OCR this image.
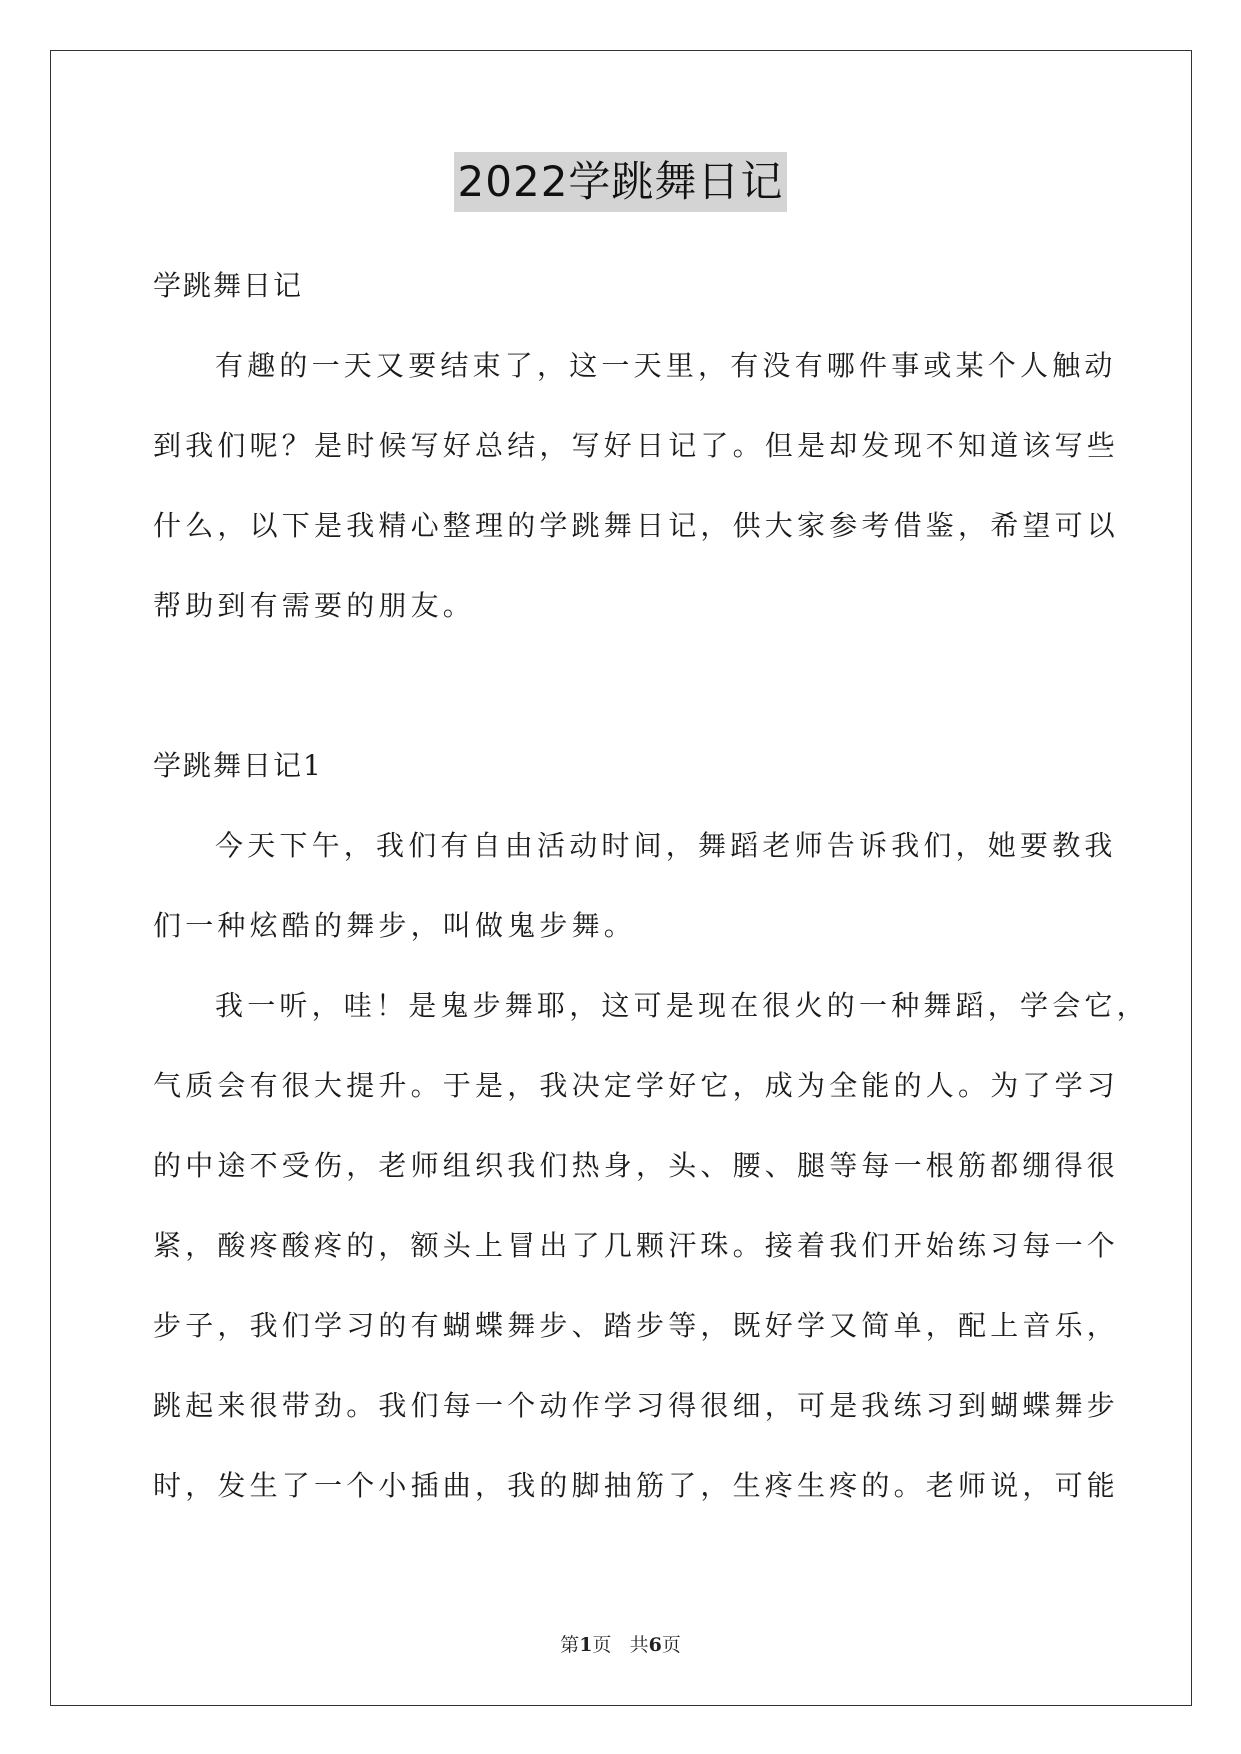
2022学跳舞日记
学跳舞日记
有趣的一天又要结束了，这一天里，有没有哪件事或某个人触动
到我们呢？是时候写好总结，写好日记了。但是却发现不知道该写些
什么，以下是我精心整理的学跳舞日记，供大家参考借鉴，希望可以
帮助到有需要的朋友。
学跳舞日记1
今天下午，我们有自由活动时间，舞蹈老师告诉我们，她要教我
们一种炫酷的舞步，叫做鬼步舞。
我一听，哇！是鬼步舞耶，这可是现在很火的一种舞蹈，学会它，
气质会有很大提升。于是，我决定学好它，成为全能的人。为了学习
的中途不受伤，老师组织我们热身，头、腰、腿等每一根筋都绷得很
紧，酸疼酸疼的，额头上冒出了几颗汗珠。接着我们开始练习每一个
步子，我们学习的有蝴蝶舞步、踏步等，既好学又简单，配上音乐，
跳起来很带劲。我们每一个动作学习得很细，可是我练习到蝴蝶舞步
时，发生了一个小插曲，我的脚抽筋了，生疼生疼的。老师说，可能
第1页 共6页
